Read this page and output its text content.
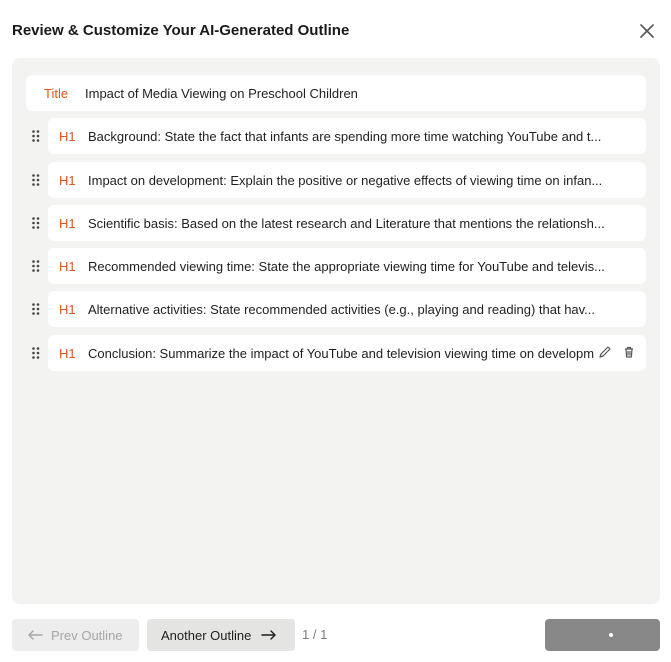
Review & Customize Your AI-Generated Outline
Title	Impact of Media Viewing on Preschool Children
H1 Background: State the fact that infants are spending more time watching YouTube and t...
H1 Impact on development: Explain the positive or negative effects of viewing time on infan...
H1 Scientific basis: Based on the latest research and Literature that mentions the relationsh...
H1 Recommended viewing time: State the appropriate viewing time for YouTube and televis...
H1 Alternative activities: State recommended activities (e.g., playing and reading) that hav...
H1 Conclusion: Summarize the impact of YouTube and television viewing time on developm
Prev Outline	Another Outline	1 / 1
